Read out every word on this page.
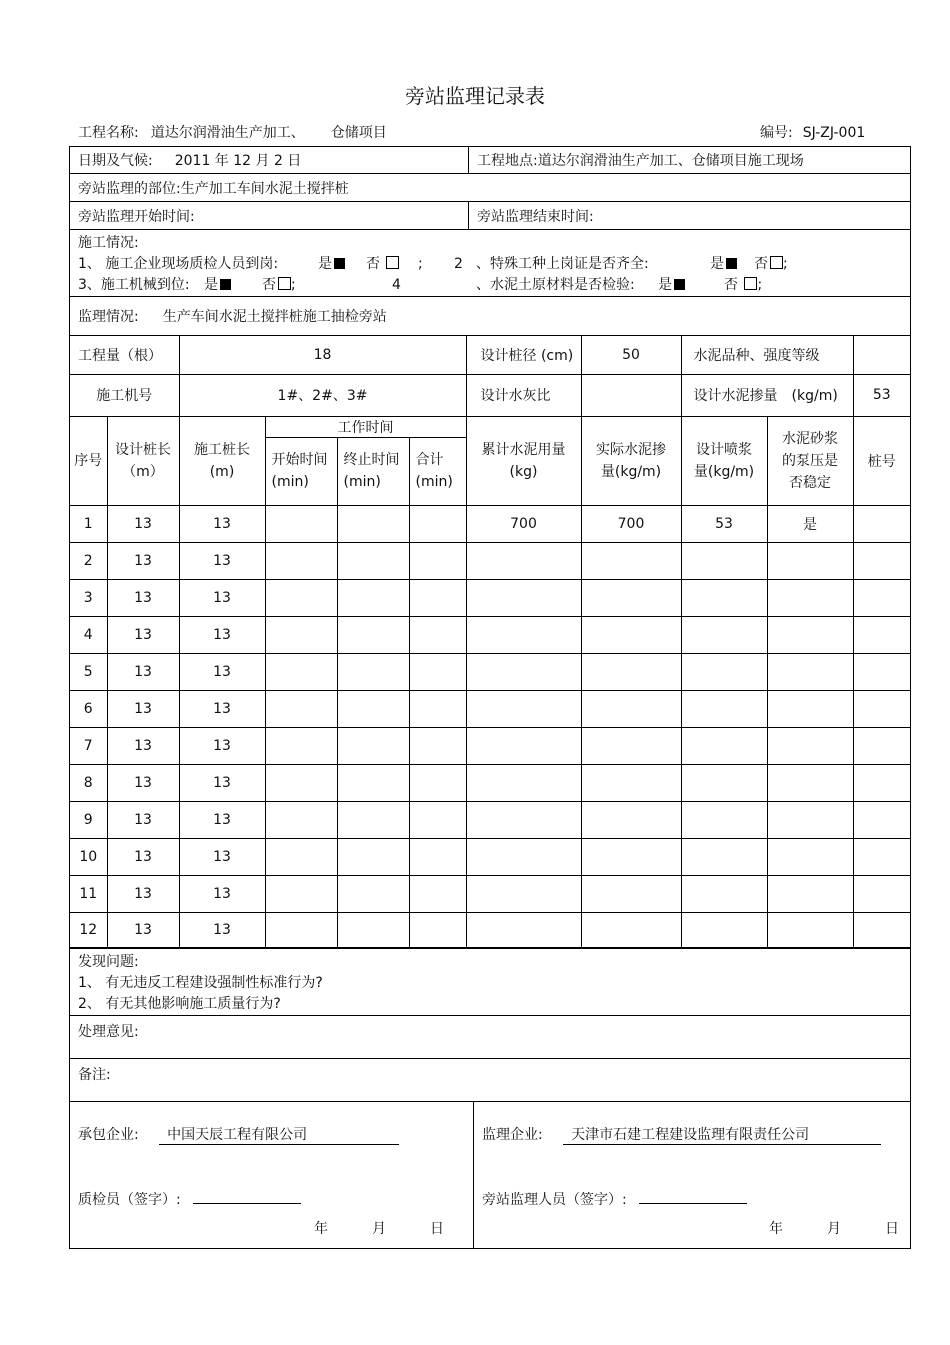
旁站监理记录表
工程名称: 道达尔润滑油生产加工、 仓储项目	编号: SJ-ZJ-001
日期及气候: 2011 年 12 月 2 日	工程地点: 道达尔润滑油生产加工、仓储项目施工现场
旁站监理的部位: 生产加工车间水泥土搅拌桩
旁站监理开始时间:	旁站监理结束时间:
施工情况:
1、 施工企业现场质检人员到岗:	是	否	; 2 、特殊工种上岗证是否齐全:	是	否 ;
3、施工机械到位: 是	否 ;	4	、水泥土原材料是否检验: 是	否 ;
监理情况: 生产车间水泥土搅拌桩施工抽检旁站
工程量（根）		18				设计桩径 (cm)	50	水泥品种、强度等级		
施工机号		1#、2#、3#				设计水灰比		设计水泥掺量　(kg/m)		53
序号	设计桩长（m）	施工桩长(m)	工作时间			累计水泥用量(kg)	实际水泥掺量(kg/m)	设计喷浆量(kg/m)	水泥砂浆的泵压是否稳定	桩号
			开始时间(min)	终止时间(min)	合计(min)					
1	13	13				700	700	53	是	
2	13	13								
3	13	13								
4	13	13								
5	13	13								
6	13	13								
7	13	13								
8	13	13								
9	13	13								
10	13	13								
11	13	13								
12	13	13								
发现问题:
1、 有无违反工程建设强制性标准行为?
2、 有无其他影响施工质量行为?
处理意见:
备注:
承包企业: 中国天辰工程有限公司
质检员（签字）:
年	月	日
监理企业: 天津市石建工程建设监理有限责任公司
旁站监理人员（签字）:
年	月	日
